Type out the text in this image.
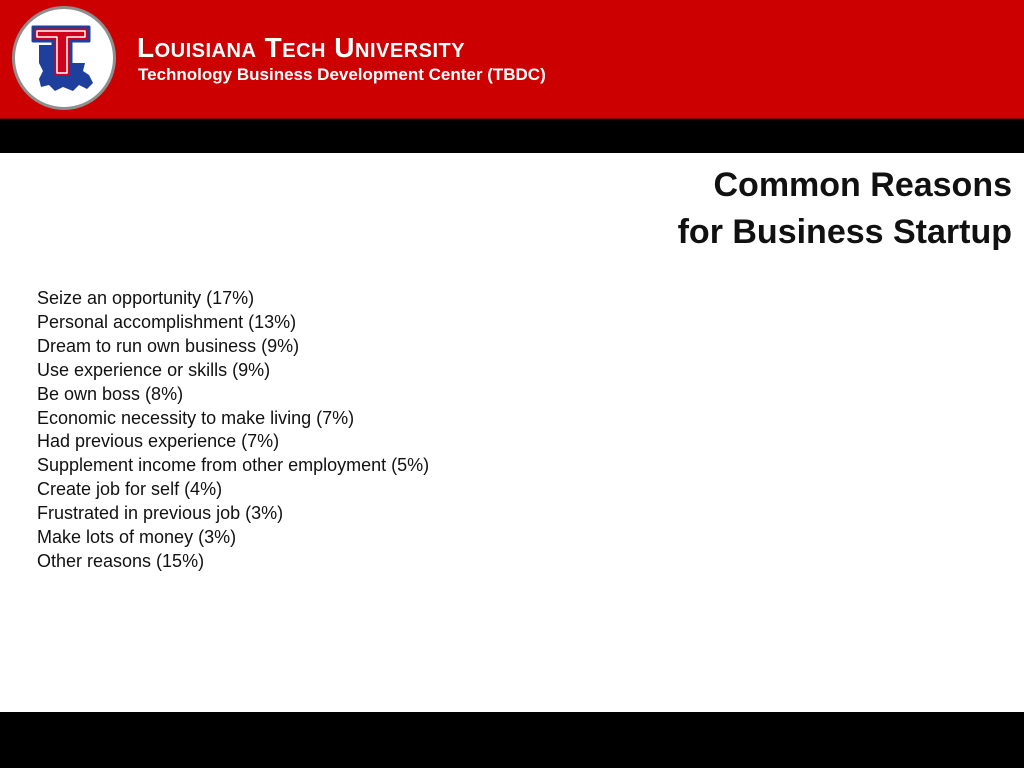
Louisiana Tech University

Technology Business Development Center (TBDC)

Common Reasons
for Business Startup
Seize an opportunity (17%)
Personal accomplishment (13%)
Dream to run own business (9%)
Use experience or skills (9%)
Be own boss (8%)
Economic necessity to make living (7%)
Had previous experience (7%)
Supplement income from other employment (5%)
Create job for self (4%)
Frustrated in previous job (3%)
Make lots of money (3%)
Other reasons (15%)
